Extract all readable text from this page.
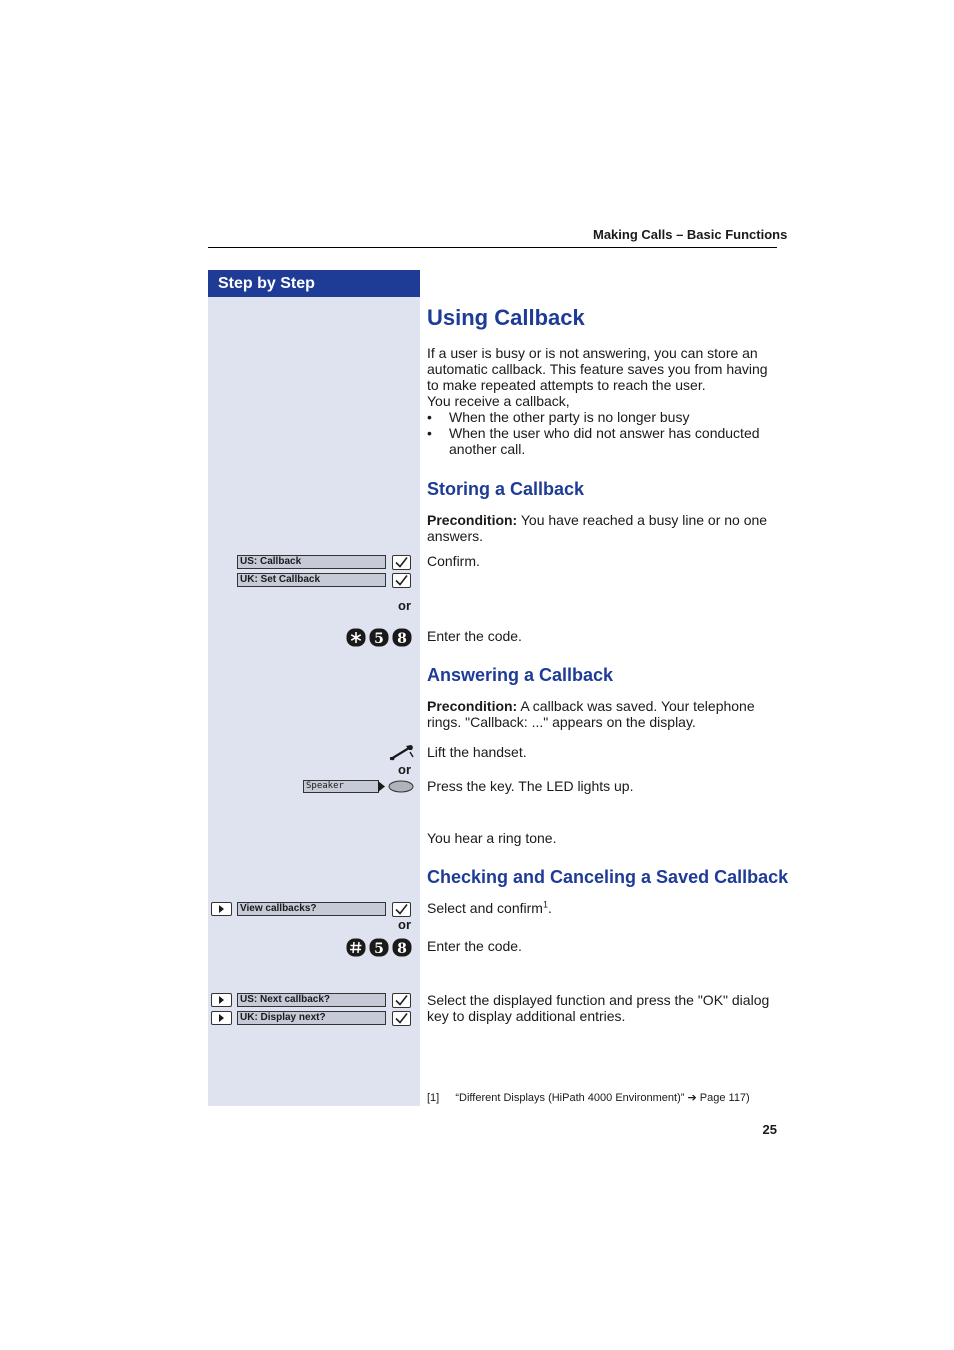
Making Calls – Basic Functions
Step by Step
Using Callback
If a user is busy or is not answering, you can store an
automatic callback. This feature saves you from having
to make repeated attempts to reach the user.
You receive a callback,
• When the other party is no longer busy
• When the user who did not answer has conducted
another call.
Storing a Callback
Precondition: You have reached a busy line or no one
answers.
US: Callback
UK: Set Callback
Confirm.
or
5 8 Enter the code.
Answering a Callback
Precondition: A callback was saved. Your telephone
rings. "Callback: ..." appears on the display.
Lift the handset.
or
Speaker	Press the key. The LED lights up.
You hear a ring tone.
Checking and Canceling a Saved Callback
View callbacks?	Select and confirm$^1$.
or
5 8 Enter the code.
US: Next callback?
UK: Display next?
Select the displayed function and press the "OK" dialog
key to display additional entries.
[1] “Different Displays (HiPath 4000 Environment)” ➔ Page 117)
25
